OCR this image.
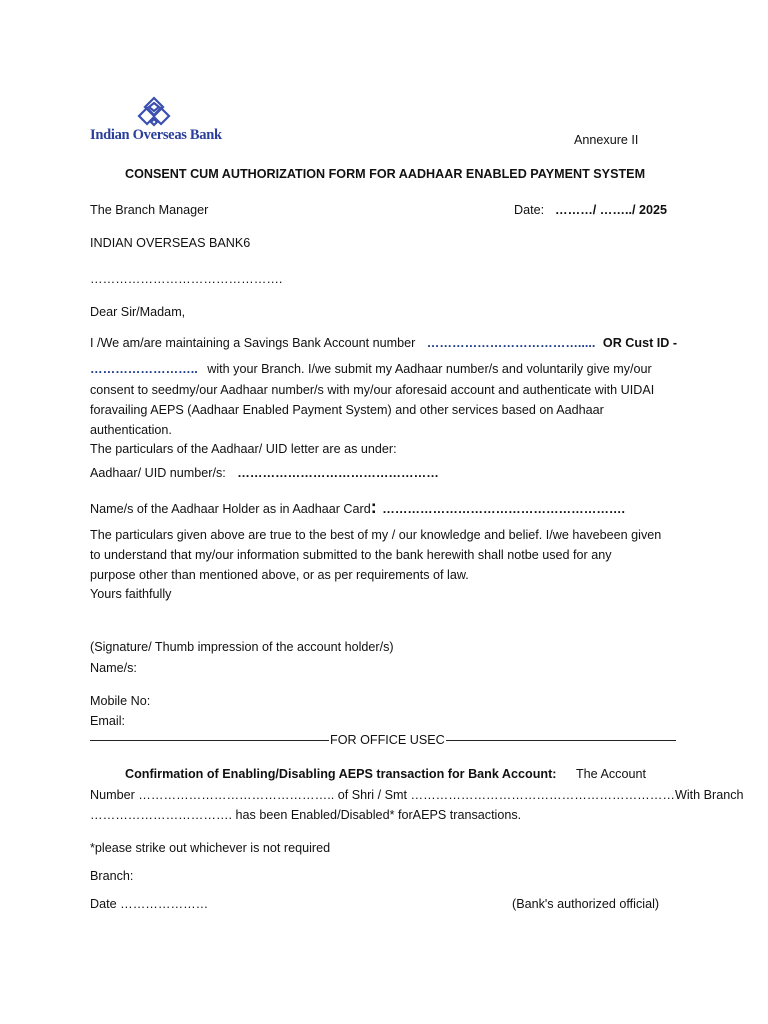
Indian Overseas Bank	Annexure II
CONSENT CUM AUTHORIZATION FORM FOR AADHAAR ENABLED PAYMENT SYSTEM
The Branch Manager	Date: ………/ ……../ 2025
INDIAN OVERSEAS BANK6
……………………………………….
Dear Sir/Madam,
I /We am/are maintaining a Savings Bank Account number ………………………………..... OR Cust ID -
…………………….. with your Branch. I/we submit my Aadhaar number/s and voluntarily give my/our
consent to seedmy/our Aadhaar number/s with my/our aforesaid account and authenticate with UIDAI
foravailing AEPS (Aadhaar Enabled Payment System) and other services based on Aadhaar
authentication.
The particulars of the Aadhaar/ UID letter are as under:
Aadhaar/ UID number/s: …………………………………………
Name/s of the Aadhaar Holder as in Aadhaar Card: ………………………………………………….
The particulars given above are true to the best of my / our knowledge and belief. I/we havebeen given
to understand that my/our information submitted to the bank herewith shall notbe used for any
purpose other than mentioned above, or as per requirements of law.
Yours faithfully
(Signature/ Thumb impression of the account holder/s)
Name/s:
Mobile No:
Email:
FOR OFFICE USEC
Confirmation of Enabling/Disabling AEPS transaction for Bank Account: The Account
Number ……………………………………….. of Shri / Smt ………………………………………………………With Branch
……………………………. has been Enabled/Disabled* forAEPS transactions.
*please strike out whichever is not required
Branch:
Date …………………	(Bank's authorized official)
